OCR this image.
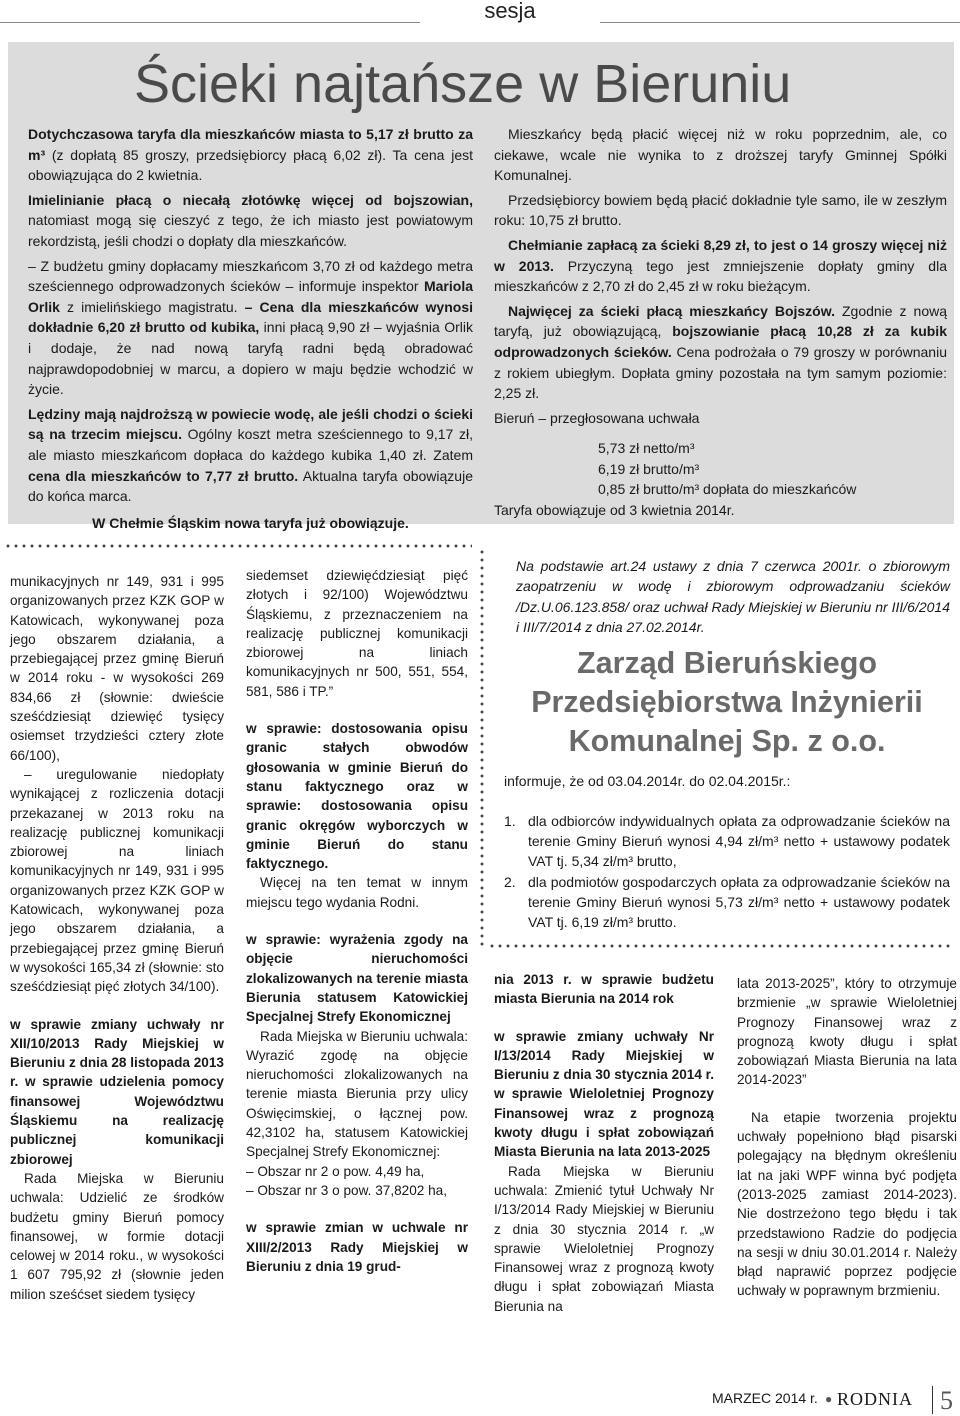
sesja
Ścieki najtańsze w Bieruniu

Dotychczasowa taryfa dla mieszkańców miasta to 5,17 zł brutto za m³ (z dopłatą 85 groszy, przedsiębiorcy płacą 6,02 zł). Ta cena jest obowiązująca do 2 kwietnia.

Imielinianie płacą o niecałą złotówkę więcej od bojszowian, natomiast mogą się cieszyć z tego, że ich miasto jest powiatowym rekordzistą, jeśli chodzi o dopłaty dla mieszkańców.

– Z budżetu gminy dopłacamy mieszkańcom 3,70 zł od każdego metra sześciennego odprowadzonych ścieków – informuje inspektor Mariola Orlik z imielińskiego magistratu. – Cena dla mieszkańców wynosi dokładnie 6,20 zł brutto od kubika, inni płacą 9,90 zł – wyjaśnia Orlik i dodaje, że nad nową taryfą radni będą obradować najprawdopodobniej w marcu, a dopiero w maju będzie wchodzić w życie.

Lędziny mają najdroższą w powiecie wodę, ale jeśli chodzi o ścieki są na trzecim miejscu. Ogólny koszt metra sześciennego to 9,17 zł, ale miasto mieszkańcom dopłaca do każdego kubika 1,40 zł. Zatem cena dla mieszkańców to 7,77 zł brutto. Aktualna taryfa obowiązuje do końca marca.

W Chełmie Śląskim nowa taryfa już obowiązuje.

Mieszkańcy będą płacić więcej niż w roku poprzednim, ale, co ciekawe, wcale nie wynika to z droższej taryfy Gminnej Spółki Komunalnej.

Przedsiębiorcy bowiem będą płacić dokładnie tyle samo, ile w zeszłym roku: 10,75 zł brutto.

Chełmianie zapłacą za ścieki 8,29 zł, to jest o 14 groszy więcej niż w 2013. Przyczyną tego jest zmniejszenie dopłaty gminy dla mieszkańców z 2,70 zł do 2,45 zł w roku bieżącym.

Najwięcej za ścieki płacą mieszkańcy Bojszów. Zgodnie z nową taryfą, już obowiązującą, bojszowianie płacą 10,28 zł za kubik odprowadzonych ścieków. Cena podrożała o 79 groszy w porównaniu z rokiem ubiegłym. Dopłata gminy pozostała na tym samym poziomie: 2,25 zł.

Bieruń – przegłosowana uchwała
5,73 zł netto/m³
6,19 zł brutto/m³
0,85 zł brutto/m³ dopłata do mieszkańców
Taryfa obowiązuje od 3 kwietnia 2014r.

munikacyjnych nr 149, 931 i 995 organizowanych przez KZK GOP w Katowicach, wykonywanej poza jego obszarem działania, a przebiegającej przez gminę Bieruń w 2014 roku - w wysokości 269 834,66 zł (słownie: dwieście sześćdziesiąt dziewięć tysięcy osiemset trzydzieści cztery złote 66/100),

– uregulowanie niedopłaty wynikającej z rozliczenia dotacji przekazanej w 2013 roku na realizację publicznej komunikacji zbiorowej na liniach komunikacyjnych nr 149, 931 i 995 organizowanych przez KZK GOP w Katowicach, wykonywanej poza jego obszarem działania, a przebiegającej przez gminę Bieruń w wysokości 165,34 zł (słownie: sto sześćdziesiąt pięć złotych 34/100).

w sprawie zmiany uchwały nr XII/10/2013 Rady Miejskiej w Bieruniu z dnia 28 listopada 2013 r. w sprawie udzielenia pomocy finansowej Województwu Śląskiemu na realizację publicznej komunikacji zbiorowej

Rada Miejska w Bieruniu uchwala: Udzielić ze środków budżetu gminy Bieruń pomocy finansowej, w formie dotacji celowej w 2014 roku., w wysokości 1 607 795,92 zł (słownie jeden milion sześćset siedem tysięcy

siedemset dziewięćdziesiąt pięć złotych i 92/100) Województwu Śląskiemu, z przeznaczeniem na realizację publicznej komunikacji zbiorowej na liniach komunikacyjnych nr 500, 551, 554, 581, 586 i TP.”

w sprawie: dostosowania opisu granic stałych obwodów głosowania w gminie Bieruń do stanu faktycznego oraz w sprawie: dostosowania opisu granic okręgów wyborczych w gminie Bieruń do stanu faktycznego.

Więcej na ten temat w innym miejscu tego wydania Rodni.

w sprawie: wyrażenia zgody na objęcie nieruchomości zlokalizowanych na terenie miasta Bierunia statusem Katowickiej Specjalnej Strefy Ekonomicznej

Rada Miejska w Bieruniu uchwala: Wyrazić zgodę na objęcie nieruchomości zlokalizowanych na terenie miasta Bierunia przy ulicy Oświęcimskiej, o łącznej pow. 42,3102 ha, statusem Katowickiej Specjalnej Strefy Ekonomicznej:

– Obszar nr 2 o pow. 4,49 ha,

– Obszar nr 3 o pow. 37,8202 ha,

w sprawie zmian w uchwale nr XIII/2/2013 Rady Miejskiej w Bieruniu z dnia 19 grud-

Na podstawie art.24 ustawy z dnia 7 czerwca 2001r. o zbiorowym zaopatrzeniu w wodę i zbiorowym odprowadzaniu ścieków /Dz.U.06.123.858/ oraz uchwał Rady Miejskiej w Bieruniu nr III/6/2014 i III/7/2014 z dnia 27.02.2014r.

Zarząd Bieruńskiego Przedsiębiorstwa Inżynierii Komunalnej Sp. z o.o.

informuje, że od 03.04.2014r. do 02.04.2015r.:

1. dla odbiorców indywidualnych opłata za odprowadzanie ścieków na terenie Gminy Bieruń wynosi 4,94 zł/m³ netto + ustawowy podatek VAT tj. 5,34 zł/m³ brutto,
2. dla podmiotów gospodarczych opłata za odprowadzanie ścieków na terenie Gminy Bieruń wynosi 5,73 zł/m³ netto + ustawowy podatek VAT tj. 6,19 zł/m³ brutto.

nia 2013 r. w sprawie budżetu miasta Bierunia na 2014 rok

w sprawie zmiany uchwały Nr I/13/2014 Rady Miejskiej w Bieruniu z dnia 30 stycznia 2014 r. w sprawie Wieloletniej Prognozy Finansowej wraz z prognozą kwoty długu i spłat zobowiązań Miasta Bierunia na lata 2013-2025

Rada Miejska w Bieruniu uchwala: Zmienić tytuł Uchwały Nr I/13/2014 Rady Miejskiej w Bieruniu z dnia 30 stycznia 2014 r. „w sprawie Wieloletniej Prognozy Finansowej wraz z prognozą kwoty długu i spłat zobowiązań Miasta Bierunia na

lata 2013-2025”, który to otrzymuje brzmienie „w sprawie Wieloletniej Prognozy Finansowej wraz z prognozą kwoty długu i spłat zobowiązań Miasta Bierunia na lata 2014-2023”

Na etapie tworzenia projektu uchwały popełniono błąd pisarski polegający na błędnym określeniu lat na jaki WPF winna być podjęta (2013-2025 zamiast 2014-2023). Nie dostrzeżono tego błędu i tak przedstawiono Radzie do podjęcia na sesji w dniu 30.01.2014 r. Należy błąd naprawić poprzez podjęcie uchwały w poprawnym brzmieniu.

MARZEC 2014 r. ● RODNIA 5
